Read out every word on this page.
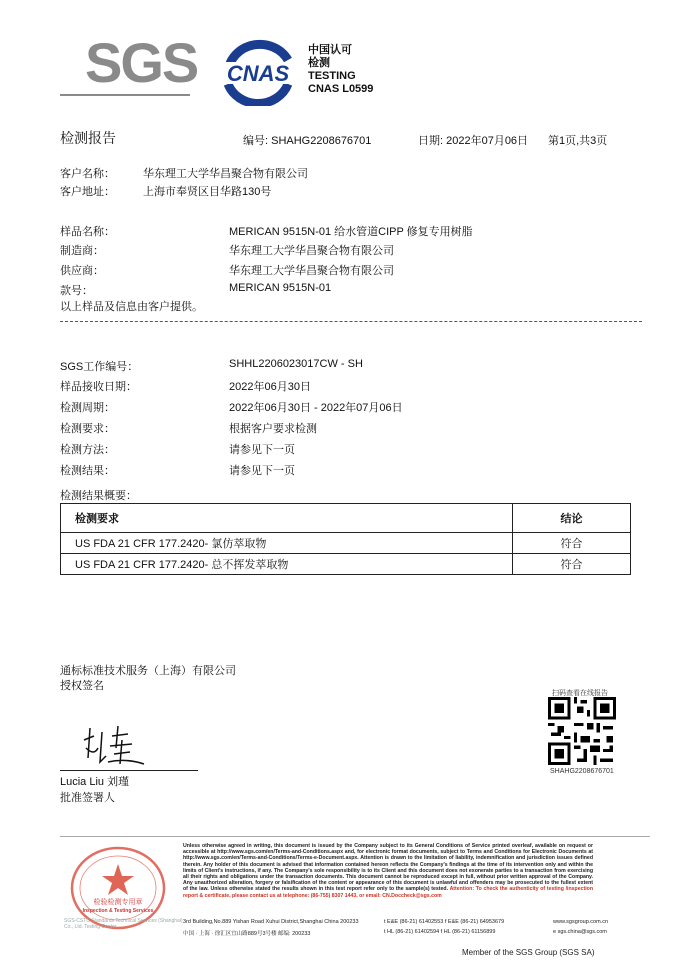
SGS CNAS
中国认可
检测
TESTING
CNAS L0599
检测报告	编号: SHAHG2208676701	日期: 2022年07月06日 第1页,共3页
客户名称：	华东理工大学华昌聚合物有限公司
客户地址：	上海市奉贤区目华路130号
样品名称：	MERICAN 9515N-01 给水管道CIPP 修复专用树脂
制造商：	华东理工大学华昌聚合物有限公司
供应商：	华东理工大学华昌聚合物有限公司
款号：	MERICAN 9515N-01
以上样品及信息由客户提供。
SGS工作编号：	SHHL2206023017CW - SH
样品接收日期：	2022年06月30日
检测周期：	2022年06月30日 - 2022年07月06日
检测要求：	根据客户要求检测
检测方法：	请参见下一页
检测结果：	请参见下一页
检测结果概要：
检测要求	结论
US FDA 21 CFR 177.2420- 氯仿萃取物	符合
US FDA 21 CFR 177.2420- 总不挥发萃取物	符合
通标标准技术服务（上海）有限公司
授权签名
Lucia Liu 刘瑾
批准签署人
扫码查看在线报告
SHAHG2208676701
检验检测专用章
Inspection & Testing Services
SGS-CSTC Standards Technical Services (Shanghai) Co., Ltd. Testing Center
Unless otherwise agreed in writing, this document is issued by the Company subject to its General Conditions of Service printed overleaf, available on request or accessible at http://www.sgs.com/en/Terms-and-Conditions.aspx and, for electronic format documents, subject to Terms and Conditions for Electronic Documents at http://www.sgs.com/en/Terms-and-Conditions/Terms-e-Document.aspx. Attention is drawn to the limitation of liability, indemnification and jurisdiction issues defined therein. Any holder of this document is advised that information contained hereon reflects the Company's findings at the time of its intervention only and within the limits of Client's instructions, if any. The Company's sole responsibility is to its Client and this document does not exonerate parties to a transaction from exercising all their rights and obligations under the transaction documents. This document cannot be reproduced except in full, without prior written approval of the Company. Any unauthorized alteration, forgery or falsification of the content or appearance of this document is unlawful and offenders may be prosecuted to the fullest extent of the law. Unless otherwise stated the results shown in this test report refer only to the sample(s) tested. Attention: To check the authenticity of testing /inspection report & certificate, please contact us at telephone: (86-755) 8307 1443, or email: CN.Doccheck@sgs.com
3rd Building,No.889 Yishan Road Xuhui District,Shanghai China 200233
中国 · 上海 · 徐汇区宜山路889号3号楼 邮编: 200233
t E&E (86-21) 61402553 f E&E (86-21) 64953679
t HL (86-21) 61402594 f HL (86-21) 61156899
www.sgsgroup.com.cn
e sgs.china@sgs.com
Member of the SGS Group (SGS SA)
